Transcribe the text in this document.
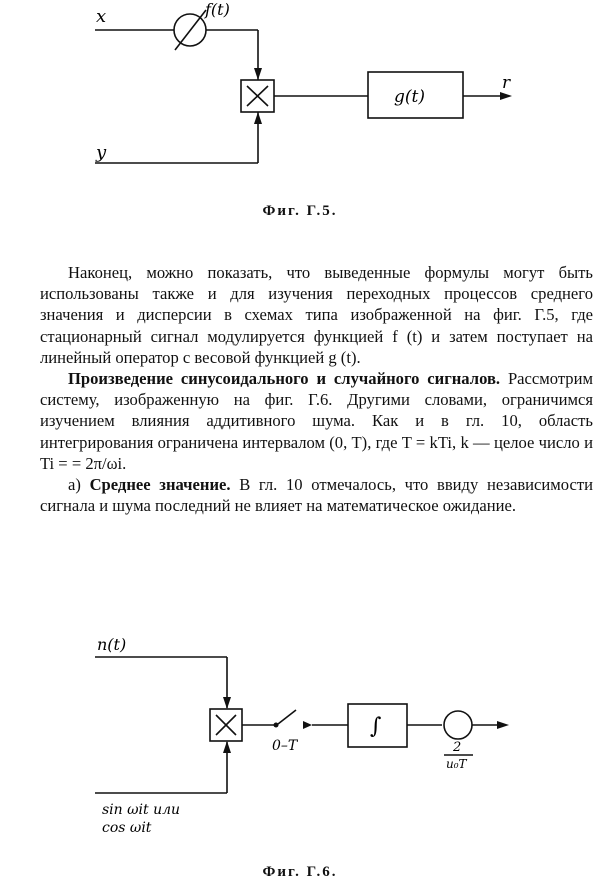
x
y
f(t)
g(t)
r
Фиг. Г.5.

Наконец, можно показать, что выведенные формулы могут быть использованы также и для изучения переходных процессов среднего значения и дисперсии в схемах типа изображенной на фиг. Г.5, где стационарный сигнал модулируется функцией f (t) и затем поступает на линейный оператор с весовой функцией g (t).

Произведение синусоидального и случайного сигналов. Рассмотрим систему, изображенную на фиг. Г.6. Другими словами, ограничимся изучением влияния аддитивного шума. Как и в гл. 10, область интегрирования ограничена интервалом (0, T), где T = kTi, k — целое число и Ti = = 2π/ωi.

а) Среднее значение. В гл. 10 отмечалось, что ввиду независимости сигнала и шума последний не влияет на математическое ожидание.

n(t)
sin ωit или
cos ωit
0–T
∫
2
u₀T
Фиг. Г.6.
